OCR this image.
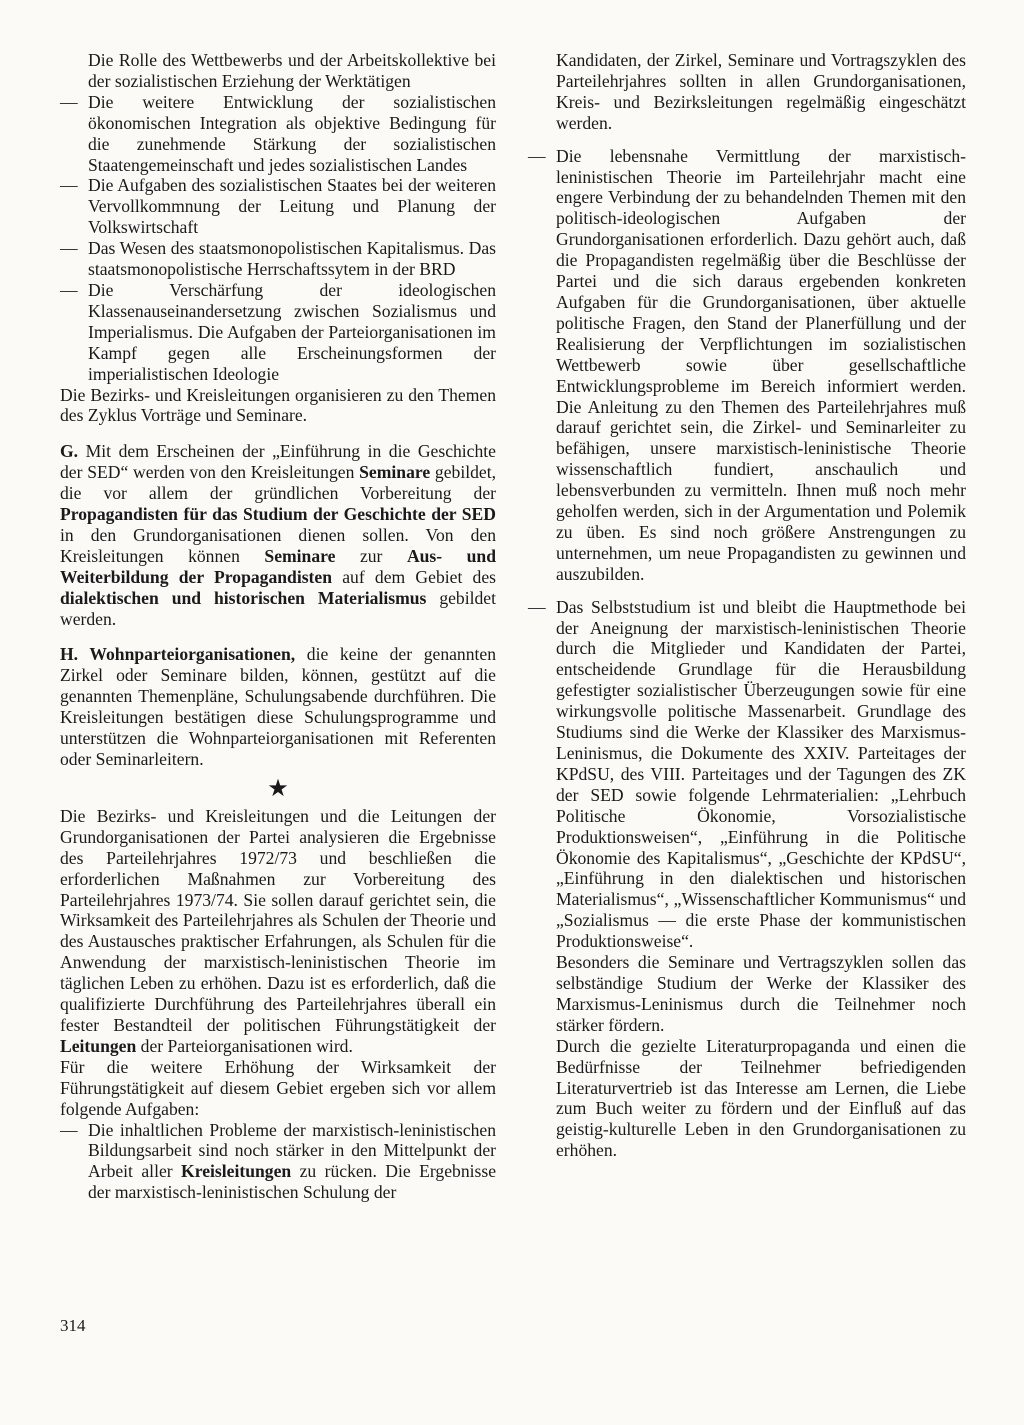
Die Rolle des Wettbewerbs und der Arbeitskollektive bei der sozialistischen Erziehung der Werktätigen

— Die weitere Entwicklung der sozialistischen ökonomischen Integration als objektive Bedingung für die zunehmende Stärkung der sozialistischen Staatengemeinschaft und jedes sozialistischen Landes

— Die Aufgaben des sozialistischen Staates bei der weiteren Vervollkommnung der Leitung und Planung der Volkswirtschaft

— Das Wesen des staatsmonopolistischen Kapitalismus. Das staatsmonopolistische Herrschaftssytem in der BRD

— Die Verschärfung der ideologischen Klassenauseinandersetzung zwischen Sozialismus und Imperialismus. Die Aufgaben der Parteiorganisationen im Kampf gegen alle Erscheinungsformen der imperialistischen Ideologie

Die Bezirks- und Kreisleitungen organisieren zu den Themen des Zyklus Vorträge und Seminare.

G. Mit dem Erscheinen der „Einführung in die Geschichte der SED“ werden von den Kreisleitungen Seminare gebildet, die vor allem der gründlichen Vorbereitung der Propagandisten für das Studium der Geschichte der SED in den Grundorganisationen dienen sollen. Von den Kreisleitungen können Seminare zur Aus- und Weiterbildung der Propagandisten auf dem Gebiet des dialektischen und historischen Materialismus gebildet werden.

H. Wohnparteiorganisationen, die keine der genannten Zirkel oder Seminare bilden, können, gestützt auf die genannten Themenpläne, Schulungsabende durchführen. Die Kreisleitungen bestätigen diese Schulungsprogramme und unterstützen die Wohnparteiorganisationen mit Referenten oder Seminarleitern.

★

Die Bezirks- und Kreisleitungen und die Leitungen der Grundorganisationen der Partei analysieren die Ergebnisse des Parteilehrjahres 1972/73 und beschließen die erforderlichen Maßnahmen zur Vorbereitung des Parteilehrjahres 1973/74. Sie sollen darauf gerichtet sein, die Wirksamkeit des Parteilehrjahres als Schulen der Theorie und des Austausches praktischer Erfahrungen, als Schulen für die Anwendung der marxistisch-leninistischen Theorie im täglichen Leben zu erhöhen. Dazu ist es erforderlich, daß die qualifizierte Durchführung des Parteilehrjahres überall ein fester Bestandteil der politischen Führungstätigkeit der Leitungen der Parteiorganisationen wird.

Für die weitere Erhöhung der Wirksamkeit der Führungstätigkeit auf diesem Gebiet ergeben sich vor allem folgende Aufgaben:

— Die inhaltlichen Probleme der marxistisch-leninistischen Bildungsarbeit sind noch stärker in den Mittelpunkt der Arbeit aller Kreisleitungen zu rücken. Die Ergebnisse der marxistisch-leninistischen Schulung der

Kandidaten, der Zirkel, Seminare und Vortragszyklen des Parteilehrjahres sollten in allen Grundorganisationen, Kreis- und Bezirksleitungen regelmäßig eingeschätzt werden.

— Die lebensnahe Vermittlung der marxistisch-leninistischen Theorie im Parteilehrjahr macht eine engere Verbindung der zu behandelnden Themen mit den politisch-ideologischen Aufgaben der Grundorganisationen erforderlich. Dazu gehört auch, daß die Propagandisten regelmäßig über die Beschlüsse der Partei und die sich daraus ergebenden konkreten Aufgaben für die Grundorganisationen, über aktuelle politische Fragen, den Stand der Planerfüllung und der Realisierung der Verpflichtungen im sozialistischen Wettbewerb sowie über gesellschaftliche Entwicklungsprobleme im Bereich informiert werden. Die Anleitung zu den Themen des Parteilehrjahres muß darauf gerichtet sein, die Zirkel- und Seminarleiter zu befähigen, unsere marxistisch-leninistische Theorie wissenschaftlich fundiert, anschaulich und lebensverbunden zu vermitteln. Ihnen muß noch mehr geholfen werden, sich in der Argumentation und Polemik zu üben. Es sind noch größere Anstrengungen zu unternehmen, um neue Propagandisten zu gewinnen und auszubilden.

— Das Selbststudium ist und bleibt die Hauptmethode bei der Aneignung der marxistisch-leninistischen Theorie durch die Mitglieder und Kandidaten der Partei, entscheidende Grundlage für die Herausbildung gefestigter sozialistischer Überzeugungen sowie für eine wirkungsvolle politische Massenarbeit. Grundlage des Studiums sind die Werke der Klassiker des Marxismus-Leninismus, die Dokumente des XXIV. Parteitages der KPdSU, des VIII. Parteitages und der Tagungen des ZK der SED sowie folgende Lehrmaterialien: „Lehrbuch Politische Ökonomie, Vorsozialistische Produktionsweisen“, „Einführung in die Politische Ökonomie des Kapitalismus“, „Geschichte der KPdSU“, „Einführung in den dialektischen und historischen Materialismus“, „Wissenschaftlicher Kommunismus“ und „Sozialismus — die erste Phase der kommunistischen Produktionsweise“.

Besonders die Seminare und Vertragszyklen sollen das selbständige Studium der Werke der Klassiker des Marxismus-Leninismus durch die Teilnehmer noch stärker fördern.

Durch die gezielte Literaturpropaganda und einen die Bedürfnisse der Teilnehmer befriedigenden Literaturvertrieb ist das Interesse am Lernen, die Liebe zum Buch weiter zu fördern und der Einfluß auf das geistig-kulturelle Leben in den Grundorganisationen zu erhöhen.

314
